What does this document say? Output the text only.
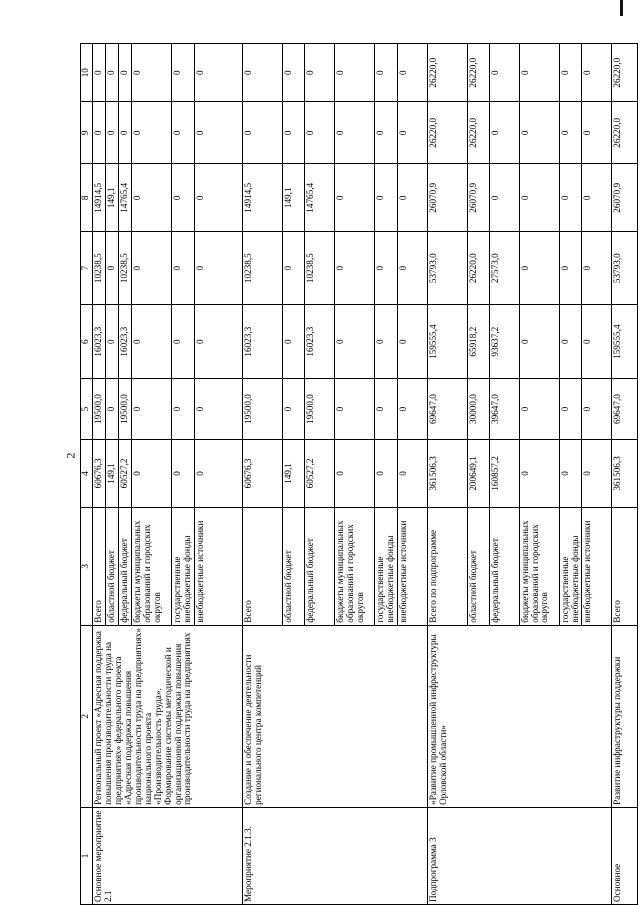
2
1	2	3	4	5	6	7	8	9	10
Основное мероприятие 2.1	Региональный проект «Адресная поддержка повышения производительности труда на предприятиях» федерального проекта «Адресная поддержка повышения производительности труда на предприятиях» национального проекта «Производительность труда». Формирование системы методической и организационной поддержки повышения производительности труда на предприятиях	Всего	60676,3	19500,0	16023,3	10238,5	14914,5	0	0
		областной бюджет	149,1	0	0	0	149,1	0	0
		федеральный бюджет	60527,2	19500,0	16023,3	10238,5	14765,4	0	0
		бюджеты муниципальных образований и городских округов	0	0	0	0	0	0	0
		государственные внебюджетные фонды	0	0	0	0	0	0	0
		внебюджетные источники	0	0	0	0	0	0	0
Мероприятие 2.1.3.	Создание и обеспечение деятельности регионального центра компетенций	Всего	60676,3	19500,0	16023,3	10238,5	14914,5	0	0
		областной бюджет	149,1	0	0	0	149,1	0	0
		федеральный бюджет	60527,2	19500,0	16023,3	10238,5	14765,4	0	0
		бюджеты муниципальных образований и городских округов	0	0	0	0	0	0	0
		государственные внебюджетные фонды	0	0	0	0	0	0	0
		внебюджетные источники	0	0	0	0	0	0	0
Подпрограмма 3	«Развитие промышленной инфраструктуры Орловской области»	Всего по подпрограмме	361506,3	69647,0	159555,4	53793,0	26070,9	26220,0	26220,0
		областной бюджет	200649,1	30000,0	65918,2	26220,0	26070,9	26220,0	26220,0
		федеральный бюджет	160857,2	39647,0	93637,2	27573,0	0	0	0
		бюджеты муниципальных образований и городских округов	0	0	0	0	0	0	0
		государственные внебюджетные фонды	0	0	0	0	0	0	0
		внебюджетные источники	0	0	0	0	0	0	0
Основное	Развитие инфраструктуры поддержки	Всего	361506,3	69647,0	159555,4	53793,0	26070,9	26220,0	26220,0
